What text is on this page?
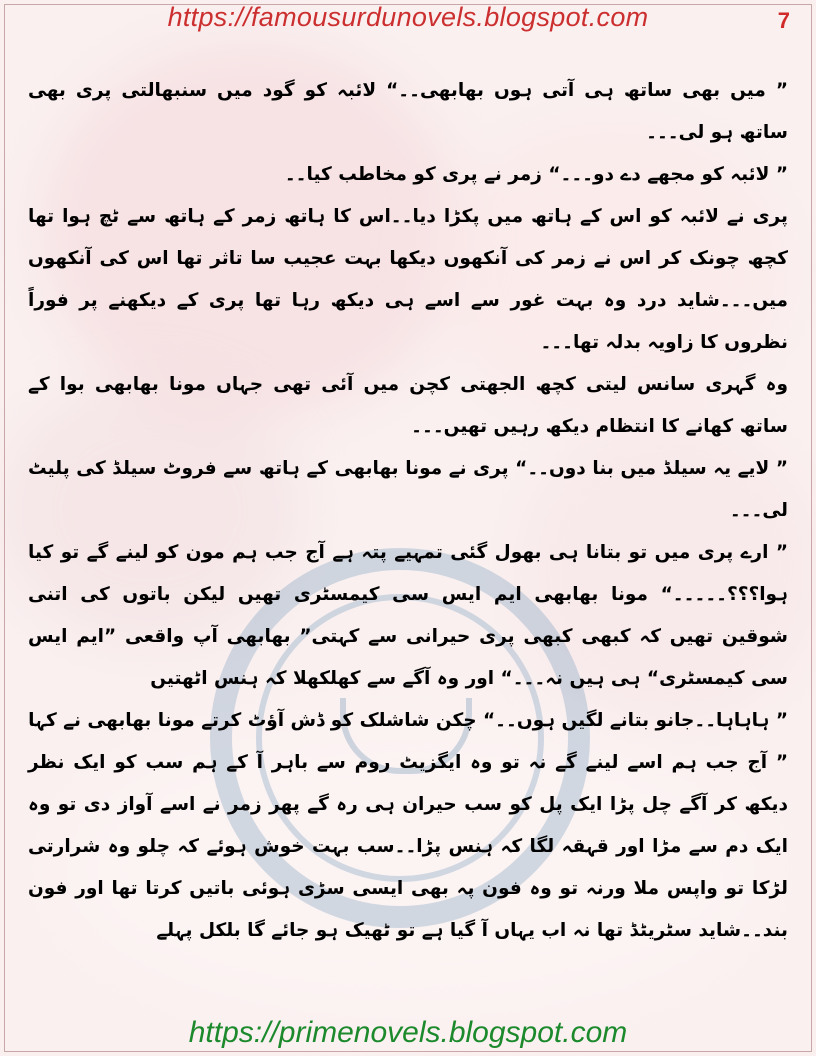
https://famousurdunovels.blogspot.com	7

” میں بھی ساتھ ہی آتی ہوں بھابھی۔۔“ لائبہ کو گود میں سنبھالتی پری بھی ساتھ ہو لی۔۔۔

” لائبہ کو مجھے دے دو۔۔۔“ زمر نے پری کو مخاطب کیا۔۔

پری نے لائبہ کو اس کے ہاتھ میں پکڑا دیا۔۔اس کا ہاتھ زمر کے ہاتھ سے ٹچ ہوا تھا کچھ چونک کر اس نے زمر کی آنکھوں دیکھا بہت عجیب سا تاثر تھا اس کی آنکھوں میں۔۔۔شاید درد وہ بہت غور سے اسے ہی دیکھ رہا تھا پری کے دیکھنے پر فوراً نظروں کا زاویہ بدلہ تھا۔۔۔

وہ گہری سانس لیتی کچھ الجھتی کچن میں آئی تھی جہاں مونا بھابھی بوا کے ساتھ کھانے کا انتظام دیکھ رہیں تھیں۔۔۔

” لایے یہ سیلڈ میں بنا دوں۔۔“ پری نے مونا بھابھی کے ہاتھ سے فروٹ سیلڈ کی پلیٹ لی۔۔۔

” ارے پری میں تو بتانا ہی بھول گئی تمہیے پتہ ہے آج جب ہم مون کو لینے گے تو کیا ہوا؟؟؟۔۔۔۔۔“ مونا بھابھی ایم ایس سی کیمسٹری تھیں لیکن باتوں کی اتنی شوقین تھیں کہ کبھی کبھی پری حیرانی سے کہتی” بھابھی آپ واقعی ”ایم ایس سی کیمسٹری“ ہی ہیں نہ۔۔۔“ اور وہ آگے سے کھلکھلا کہ ہنس اٹھتیں

” ہاہاہا۔۔جانو بتانے لگیں ہوں۔۔“ چکن شاشلک کو ڈش آؤٹ کرتے مونا بھابھی نے کہا

” آج جب ہم اسے لینے گے نہ تو وہ ایگزیٹ روم سے باہر آ کے ہم سب کو ایک نظر دیکھ کر آگے چل پڑا ایک پل کو سب حیران ہی رہ گے پھر زمر نے اسے آواز دی تو وہ ایک دم سے مڑا اور قہقہ لگا کہ ہنس پڑا۔۔سب بہت خوش ہوئے کہ چلو وہ شرارتی لڑکا تو واپس ملا ورنہ تو وہ فون پہ بھی ایسی سڑی ہوئی باتیں کرتا تھا اور فون بند۔۔شاید سٹریٹڈ تھا نہ اب یہاں آ گیا ہے تو ٹھیک ہو جائے گا بلکل پہلے

https://primenovels.blogspot.com
